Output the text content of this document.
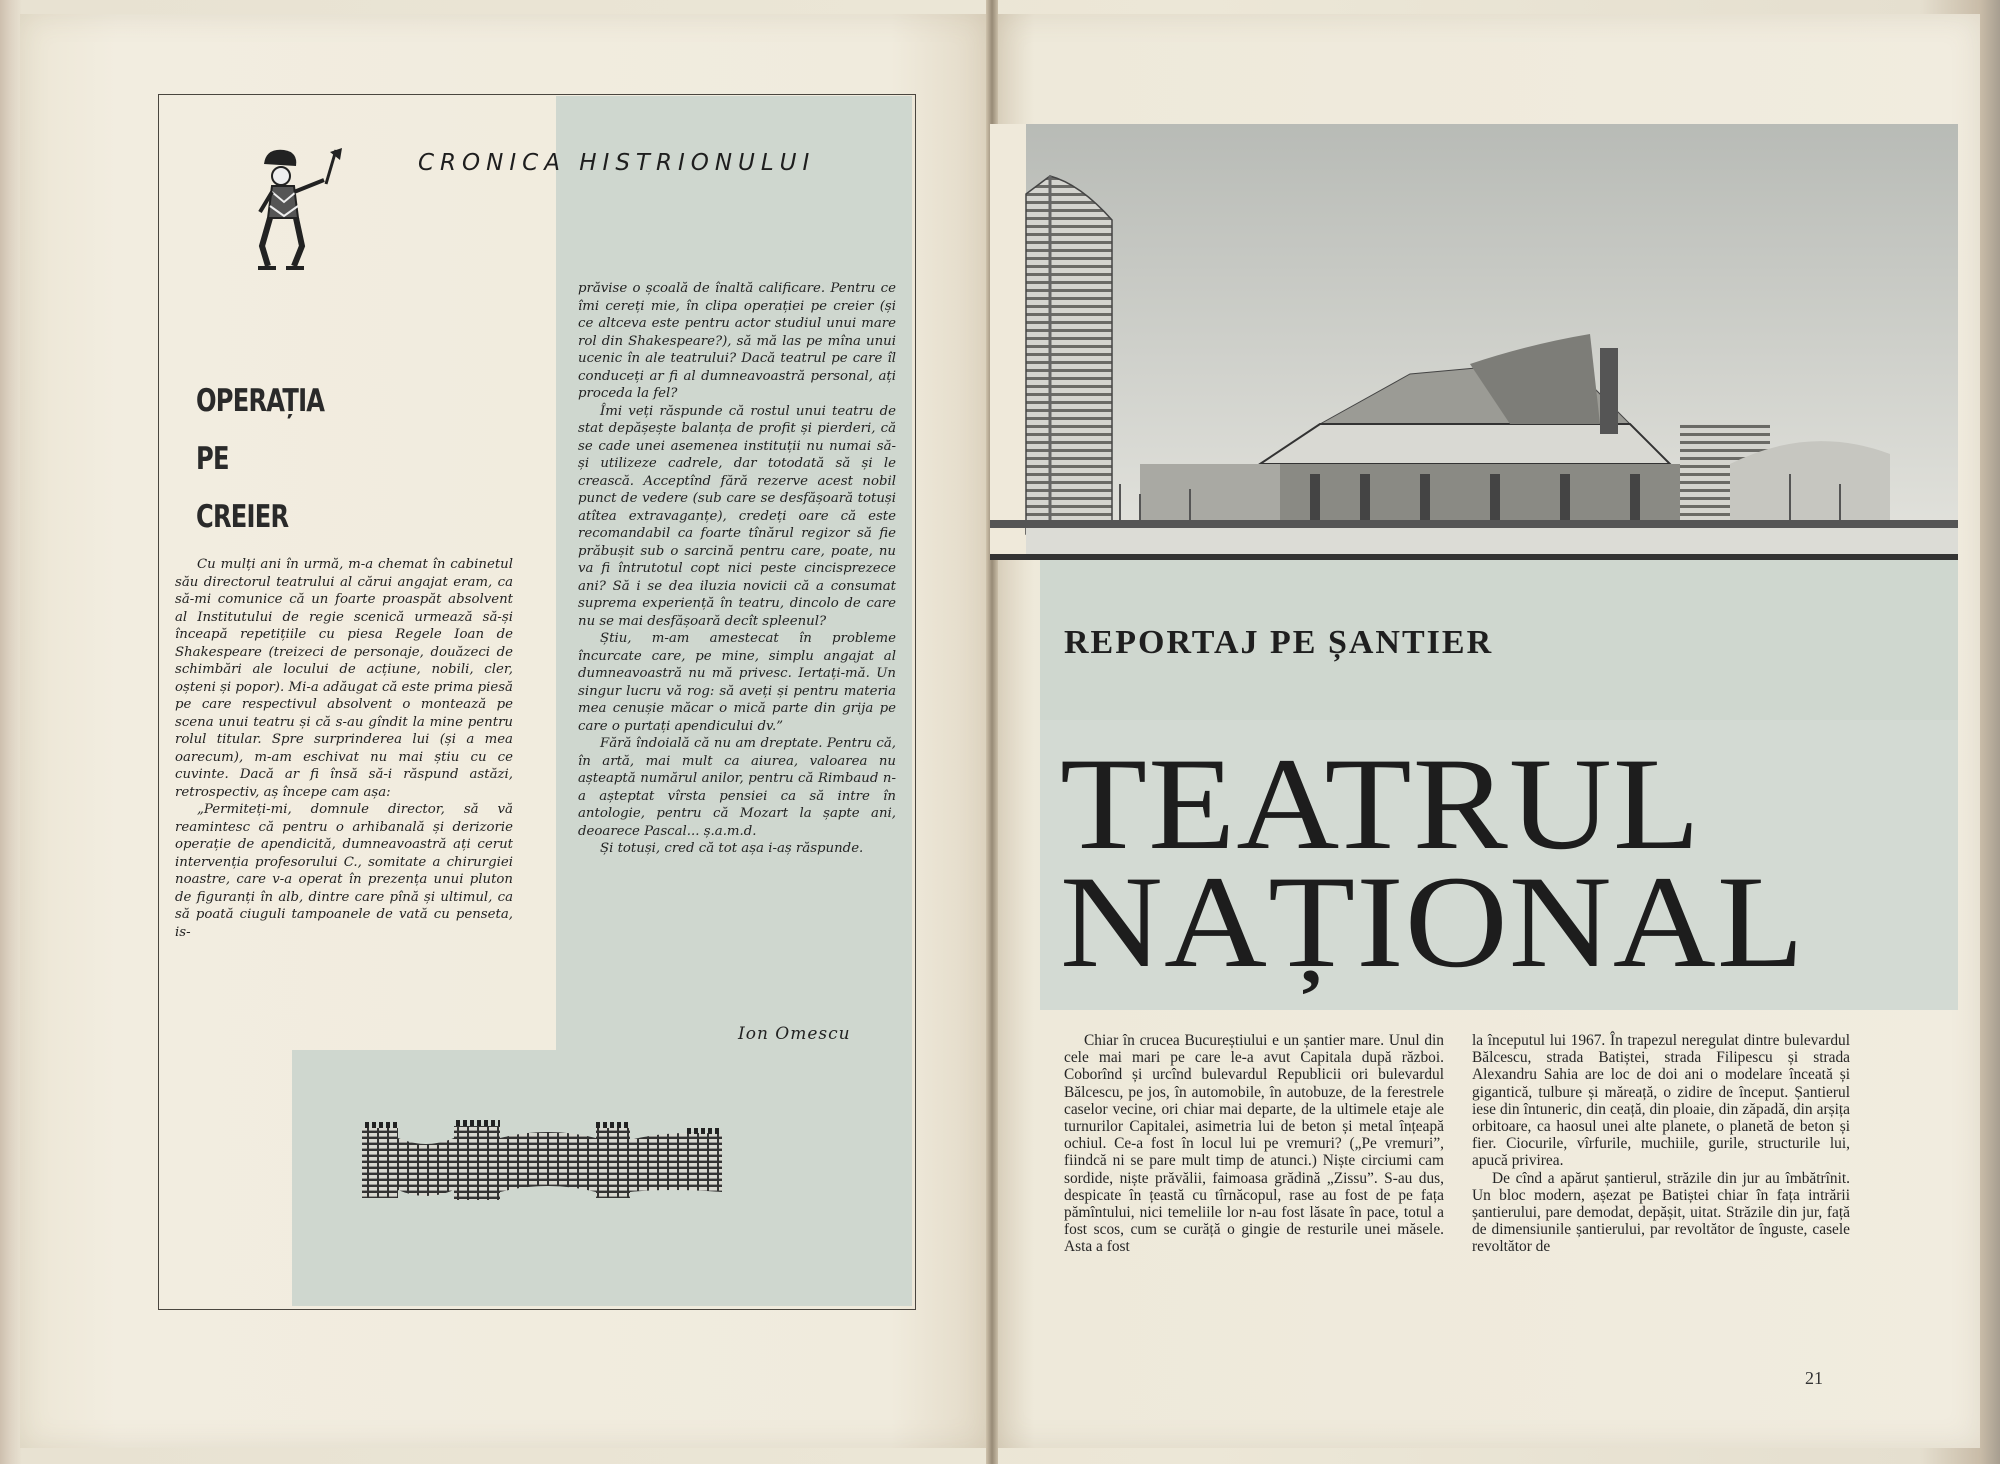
CRONICA HISTRIONULUI
OPERAȚIA
PE
CREIER

Cu mulți ani în urmă, m-a chemat în cabinetul său directorul teatrului al cărui angajat eram, ca să-mi comunice că un foarte proaspăt absolvent al Institutului de regie scenică urmează să-și înceapă repetițiile cu piesa Regele Ioan de Shakespeare (treizeci de personaje, douăzeci de schimbări ale locului de acțiune, nobili, cler, oșteni și popor). Mi-a adăugat că este prima piesă pe care respectivul absolvent o montează pe scena unui teatru și că s-au gîndit la mine pentru rolul titular. Spre surprinderea lui (și a mea oarecum), m-am eschivat nu mai știu cu ce cuvinte. Dacă ar fi însă să-i răspund astăzi, retrospectiv, aș începe cam așa:

„Permiteți-mi, domnule director, să vă reamintesc că pentru o arhibanală și derizorie operație de apendicită, dumneavoastră ați cerut intervenția profesorului C., somitate a chirurgiei noastre, care v-a operat în prezența unui pluton de figuranți în alb, dintre care pînă și ultimul, ca să poată ciuguli tampoanele de vată cu penseta, is-

prăvise o școală de înaltă calificare. Pentru ce îmi cereți mie, în clipa operației pe creier (și ce altceva este pentru actor studiul unui mare rol din Shakespeare?), să mă las pe mîna unui ucenic în ale teatrului? Dacă teatrul pe care îl conduceți ar fi al dumneavoastră personal, ați proceda la fel?

Îmi veți răspunde că rostul unui teatru de stat depășește balanța de profit și pierderi, că se cade unei asemenea instituții nu numai să-și utilizeze cadrele, dar totodată să și le crească. Acceptînd fără rezerve acest nobil punct de vedere (sub care se desfășoară totuși atîtea extravaganțe), credeți oare că este recomandabil ca foarte tînărul regizor să fie prăbușit sub o sarcină pentru care, poate, nu va fi întrutotul copt nici peste cincisprezece ani? Să i se dea iluzia novicii că a consumat suprema experiență în teatru, dincolo de care nu se mai desfășoară decît spleenul?

Știu, m-am amestecat în probleme încurcate care, pe mine, simplu angajat al dumneavoastră nu mă privesc. Iertați-mă. Un singur lucru vă rog: să aveți și pentru materia mea cenușie măcar o mică parte din grija pe care o purtați apendicului dv.”

Fără îndoială că nu am dreptate. Pentru că, în artă, mai mult ca aiurea, valoarea nu așteaptă numărul anilor, pentru că Rimbaud n-a așteptat vîrsta pensiei ca să intre în antologie, pentru că Mozart la șapte ani, deoarece Pascal... ș.a.m.d.

Și totuși, cred că tot așa i-aș răspunde.

Ion Omescu
REPORTAJ PE ȘANTIER
TEATRUL
NAȚIONAL

Chiar în crucea Bucureștiului e un șantier mare. Unul din cele mai mari pe care le-a avut Capitala după război. Coborînd și urcînd bulevardul Republicii ori bulevardul Bălcescu, pe jos, în automobile, în autobuze, de la ferestrele caselor vecine, ori chiar mai departe, de la ultimele etaje ale turnurilor Capitalei, asimetria lui de beton și metal înțeapă ochiul. Ce-a fost în locul lui pe vremuri? („Pe vremuri”, fiindcă ni se pare mult timp de atunci.) Niște circiumi cam sordide, niște prăvălii, faimoasa grădină „Zissu”. S-au dus, despicate în țeastă cu tîrnăcopul, rase au fost de pe fața pămîntului, nici temeliile lor n-au fost lăsate în pace, totul a fost scos, cum se curăță o gingie de resturile unei măsele. Asta a fost

la începutul lui 1967. În trapezul neregulat dintre bulevardul Bălcescu, strada Batiștei, strada Filipescu și strada Alexandru Sahia are loc de doi ani o modelare înceată și gigantică, tulbure și măreață, o zidire de început. Șantierul iese din întuneric, din ceață, din ploaie, din zăpadă, din arșița orbitoare, ca haosul unei alte planete, o planetă de beton și fier. Ciocurile, vîrfurile, muchiile, gurile, structurile lui, apucă privirea.

De cînd a apărut șantierul, străzile din jur au îmbătrînit. Un bloc modern, așezat pe Batiștei chiar în fața intrării șantierului, pare demodat, depășit, uitat. Străzile din jur, față de dimensiunile șantierului, par revoltător de înguste, casele revoltător de

21
